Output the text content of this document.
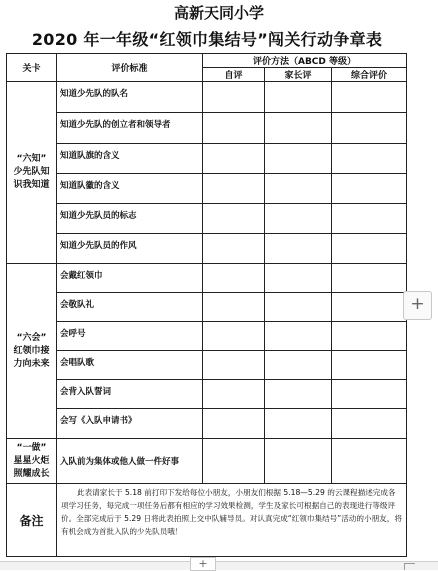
高新天同小学
2020 年一年级“红领巾集结号”闯关行动争章表
关卡	评价标准	评价方法（ABCD 等级）		
		自评	家长评	综合评价

“六知”
少先队知
识我知道	知道少先队的队名			
	知道少先队的创立者和领导者			
	知道队旗的含义			
	知道队徽的含义			
	知道少先队员的标志			
	知道少先队员的作风			

“六会”
红领巾接
力向未来	会戴红领巾			
	会敬队礼			
	会呼号			
	会唱队歌			
	会背入队誓词			
	会写《入队申请书》			

“一做”
星星火炬
照耀成长	入队前为集体或他人做一件好事			
备注	此表请家长于 5.18 前打印下发给每位小朋友，小朋友们根据 5.18—5.29 的云课程描述完成各项学习任务，每完成一项任务后都有相应的学习效果检测，学生及家长可根据自己的表现进行等级评价。全部完成后于 5.29 日将此表拍照上交中队辅导员。对认真完成“红领巾集结号”活动的小朋友，将有机会成为首批入队的少先队员哦！			
+
+
